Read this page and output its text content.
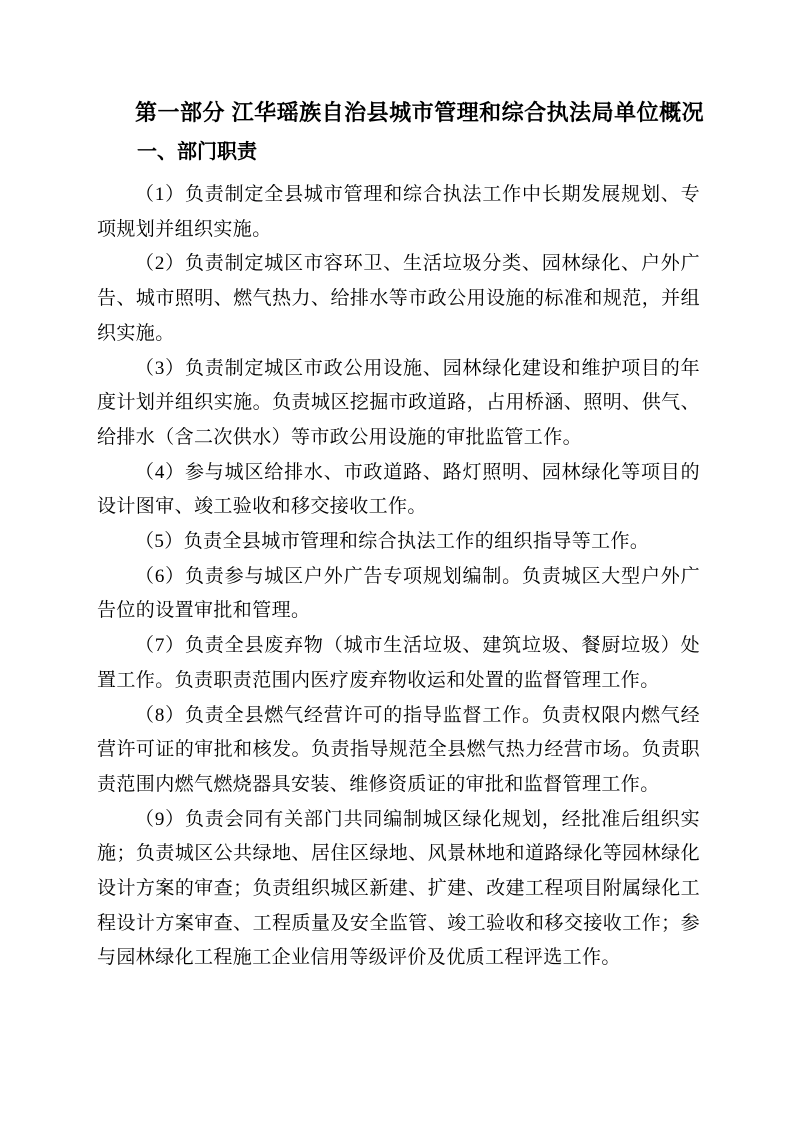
第一部分 江华瑶族自治县城市管理和综合执法局单位概况
一、部门职责

（1）负责制定全县城市管理和综合执法工作中长期发展规划、专项规划并组织实施。

（2）负责制定城区市容环卫、生活垃圾分类、园林绿化、户外广告、城市照明、燃气热力、给排水等市政公用设施的标准和规范，并组织实施。

（3）负责制定城区市政公用设施、园林绿化建设和维护项目的年度计划并组织实施。负责城区挖掘市政道路，占用桥涵、照明、供气、给排水（含二次供水）等市政公用设施的审批监管工作。

（4）参与城区给排水、市政道路、路灯照明、园林绿化等项目的设计图审、竣工验收和移交接收工作。

（5）负责全县城市管理和综合执法工作的组织指导等工作。

（6）负责参与城区户外广告专项规划编制。负责城区大型户外广告位的设置审批和管理。

（7）负责全县废弃物（城市生活垃圾、建筑垃圾、餐厨垃圾）处置工作。负责职责范围内医疗废弃物收运和处置的监督管理工作。

（8）负责全县燃气经营许可的指导监督工作。负责权限内燃气经营许可证的审批和核发。负责指导规范全县燃气热力经营市场。负责职责范围内燃气燃烧器具安装、维修资质证的审批和监督管理工作。

（9）负责会同有关部门共同编制城区绿化规划，经批准后组织实施；负责城区公共绿地、居住区绿地、风景林地和道路绿化等园林绿化设计方案的审查；负责组织城区新建、扩建、改建工程项目附属绿化工程设计方案审查、工程质量及安全监管、竣工验收和移交接收工作；参与园林绿化工程施工企业信用等级评价及优质工程评选工作。
